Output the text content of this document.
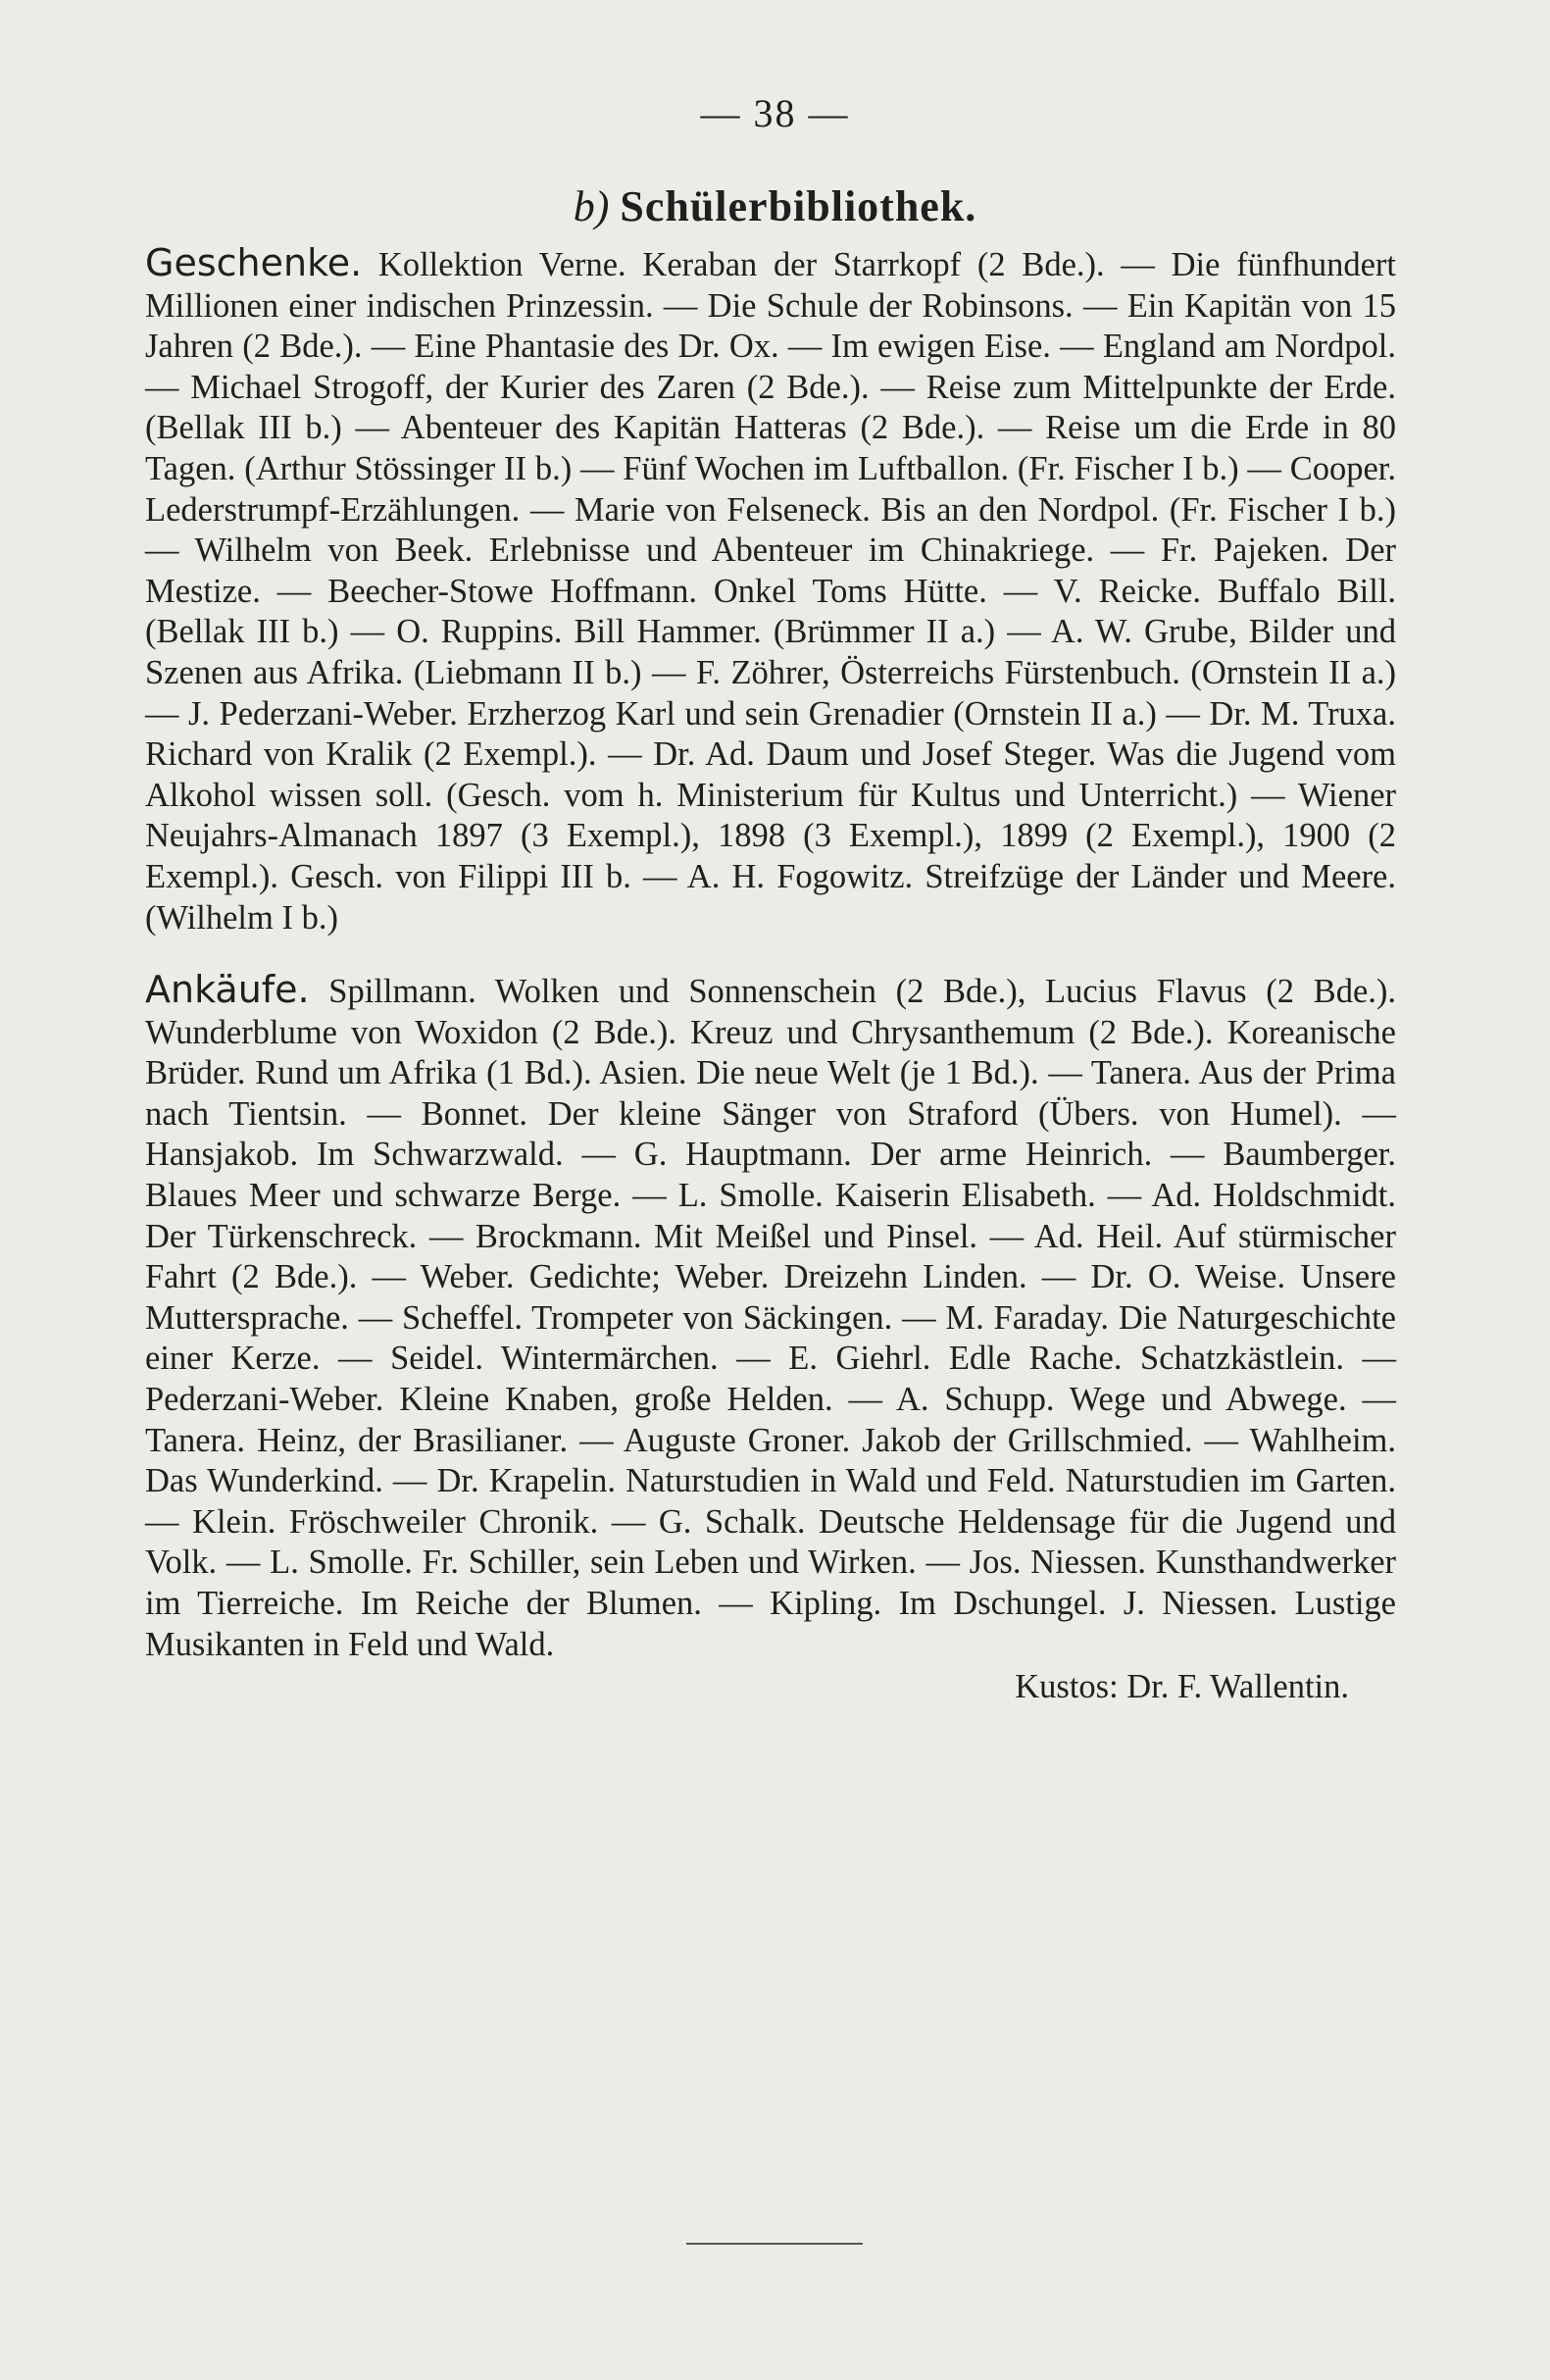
— 38 —
b) Schülerbibliothek.

Geschenke. Kollektion Verne. Keraban der Starrkopf (2 Bde.). — Die fünfhundert Millionen einer indischen Prinzessin. — Die Schule der Robinsons. — Ein Kapitän von 15 Jahren (2 Bde.). — Eine Phantasie des Dr. Ox. — Im ewigen Eise. — England am Nordpol. — Michael Strogoff, der Kurier des Zaren (2 Bde.). — Reise zum Mittelpunkte der Erde. (Bellak III b.) — Abenteuer des Kapitän Hatteras (2 Bde.). — Reise um die Erde in 80 Tagen. (Arthur Stössinger II b.) — Fünf Wochen im Luftballon. (Fr. Fischer I b.) — Cooper. Lederstrumpf-Erzählungen. — Marie von Felseneck. Bis an den Nordpol. (Fr. Fischer I b.) — Wilhelm von Beek. Erlebnisse und Abenteuer im Chinakriege. — Fr. Pajeken. Der Mestize. — Beecher-Stowe Hoffmann. Onkel Toms Hütte. — V. Reicke. Buffalo Bill. (Bellak III b.) — O. Ruppins. Bill Hammer. (Brümmer II a.) — A. W. Grube, Bilder und Szenen aus Afrika. (Liebmann II b.) — F. Zöhrer, Österreichs Fürstenbuch. (Ornstein II a.) — J. Pederzani-Weber. Erzherzog Karl und sein Grenadier (Ornstein II a.) — Dr. M. Truxa. Richard von Kralik (2 Exempl.). — Dr. Ad. Daum und Josef Steger. Was die Jugend vom Alkohol wissen soll. (Gesch. vom h. Ministerium für Kultus und Unterricht.) — Wiener Neujahrs-Almanach 1897 (3 Exempl.), 1898 (3 Exempl.), 1899 (2 Exempl.), 1900 (2 Exempl.). Gesch. von Filippi III b. — A. H. Fogowitz. Streifzüge der Länder und Meere. (Wilhelm I b.)

Ankäufe. Spillmann. Wolken und Sonnenschein (2 Bde.), Lucius Flavus (2 Bde.). Wunderblume von Woxidon (2 Bde.). Kreuz und Chrysanthemum (2 Bde.). Koreanische Brüder. Rund um Afrika (1 Bd.). Asien. Die neue Welt (je 1 Bd.). — Tanera. Aus der Prima nach Tientsin. — Bonnet. Der kleine Sänger von Straford (Übers. von Humel). — Hansjakob. Im Schwarzwald. — G. Hauptmann. Der arme Heinrich. — Baumberger. Blaues Meer und schwarze Berge. — L. Smolle. Kaiserin Elisabeth. — Ad. Holdschmidt. Der Türkenschreck. — Brockmann. Mit Meißel und Pinsel. — Ad. Heil. Auf stürmischer Fahrt (2 Bde.). — Weber. Gedichte; Weber. Dreizehn Linden. — Dr. O. Weise. Unsere Muttersprache. — Scheffel. Trompeter von Säckingen. — M. Faraday. Die Naturgeschichte einer Kerze. — Seidel. Wintermärchen. — E. Giehrl. Edle Rache. Schatzkästlein. — Pederzani-Weber. Kleine Knaben, große Helden. — A. Schupp. Wege und Abwege. — Tanera. Heinz, der Brasilianer. — Auguste Groner. Jakob der Grillschmied. — Wahlheim. Das Wunderkind. — Dr. Krapelin. Naturstudien in Wald und Feld. Naturstudien im Garten. — Klein. Fröschweiler Chronik. — G. Schalk. Deutsche Heldensage für die Jugend und Volk. — L. Smolle. Fr. Schiller, sein Leben und Wirken. — Jos. Niessen. Kunsthandwerker im Tierreiche. Im Reiche der Blumen. — Kipling. Im Dschungel. J. Niessen. Lustige Musikanten in Feld und Wald.

Kustos: Dr. F. Wallentin.
